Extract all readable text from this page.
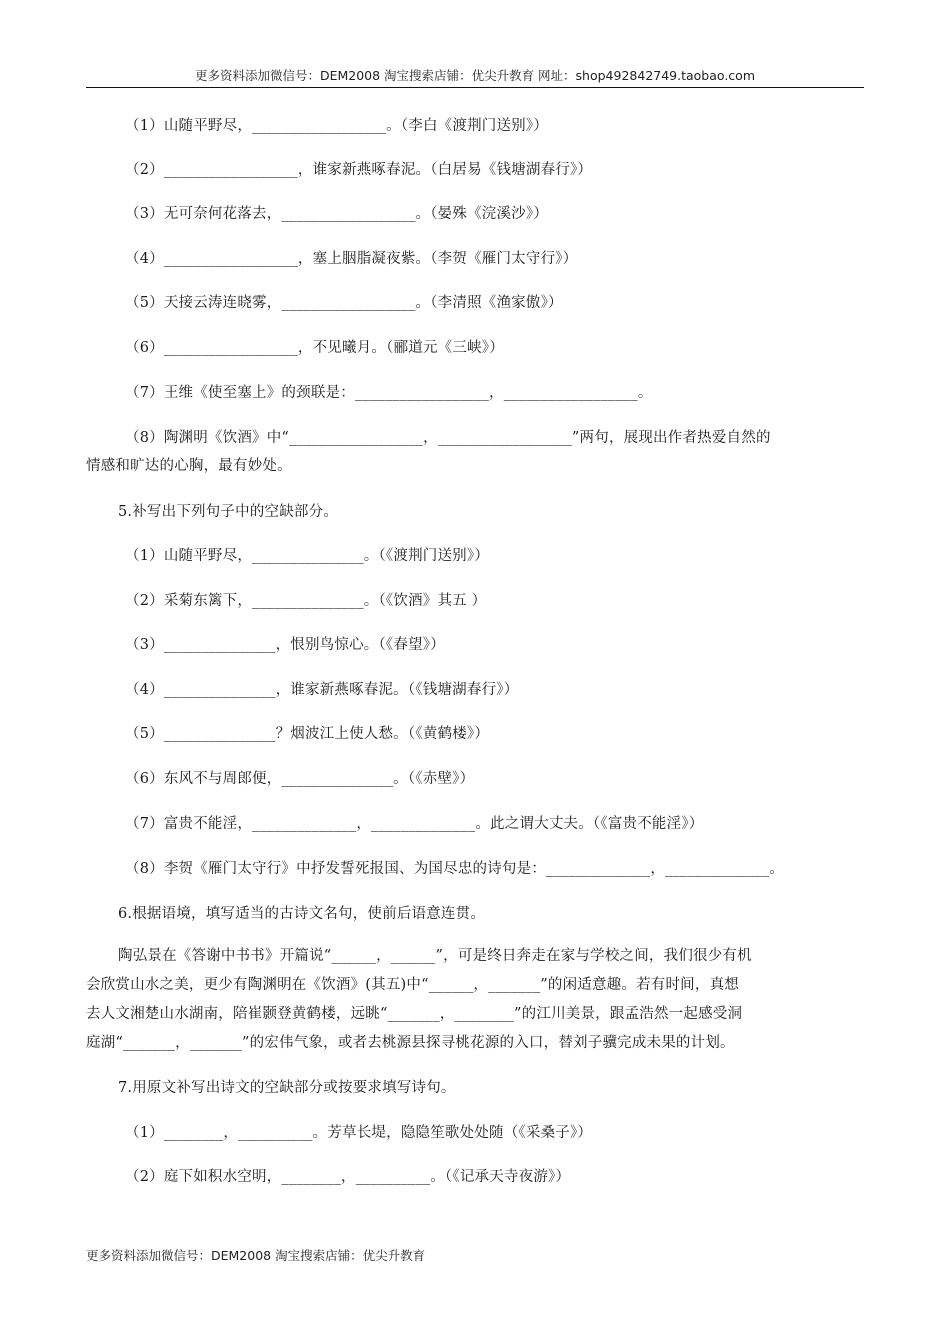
更多资料添加微信号：DEM2008 淘宝搜索店铺：优尖升教育 网址：shop492842749.taobao.com
（1）山随平野尽，__________________。（李白《渡荆门送别》）
（2）__________________，谁家新燕啄春泥。（白居易《钱塘湖春行》）
（3）无可奈何花落去，__________________。（晏殊《浣溪沙》）
（4）__________________，塞上胭脂凝夜紫。（李贺《雁门太守行》）
（5）天接云涛连晓雾，__________________。（李清照《渔家傲》）
（6）__________________，不见曦月。（郦道元《三峡》）
（7）王维《使至塞上》的颈联是：__________________，__________________。
（8）陶渊明《饮酒》中“__________________，__________________”两句，展现出作者热爱自然的
情感和旷达的心胸，最有妙处。
5.补写出下列句子中的空缺部分。
（1）山随平野尽，_______________。（《渡荆门送别》）
（2）采菊东篱下，_______________。（《饮酒》其五 ）
（3）_______________，恨别鸟惊心。（《春望》）
（4）_______________，谁家新燕啄春泥。（《钱塘湖春行》）
（5）_______________？烟波江上使人愁。（《黄鹤楼》）
（6）东风不与周郎便，_______________。（《赤壁》）
（7）富贵不能淫，______________，______________。此之谓大丈夫。（《富贵不能淫》）
（8）李贺《雁门太守行》中抒发誓死报国、为国尽忠的诗句是：______________，______________。
6.根据语境，填写适当的古诗文名句，使前后语意连贯。
陶弘景在《答谢中书书》开篇说“______，______”，可是终日奔走在家与学校之间，我们很少有机
会欣赏山水之美，更少有陶渊明在《饮酒》(其五)中“______，_______”的闲适意趣。若有时间，真想
去人文湘楚山水湖南，陪崔颢登黄鹤楼，远眺“_______，________”的江川美景，跟孟浩然一起感受洞
庭湖“_______，_______”的宏伟气象，或者去桃源县探寻桃花源的入口，替刘子骥完成未果的计划。
7.用原文补写出诗文的空缺部分或按要求填写诗句。
（1）________，__________。芳草长堤，隐隐笙歌处处随（《采桑子》）
（2）庭下如积水空明，________，__________。（《记承天寺夜游》）
更多资料添加微信号：DEM2008 淘宝搜索店铺：优尖升教育
